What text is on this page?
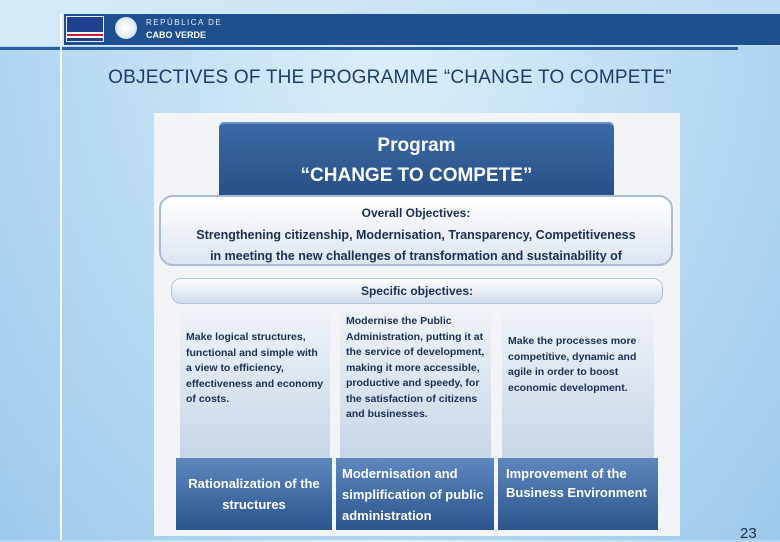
REPÚBLICA DE
CABO VERDE
OBJECTIVES OF THE PROGRAMME “CHANGE TO COMPETE”
Program
“CHANGE TO COMPETE”
Overall Objectives:
Strengthening citizenship, Modernisation, Transparency, Competitiveness
in meeting the new challenges of transformation and sustainability of
Specific objectives:
Make logical structures, functional and simple with a view to efficiency, effectiveness and economy of costs.
Modernise the Public Administration, putting it at the service of development, making it more accessible, productive and speedy, for the satisfaction of citizens and businesses.
Make the processes more competitive, dynamic and agile in order to boost economic development.
Rationalization of the structures
Modernisation and simplification of public administration
Improvement of the Business Environment
23
